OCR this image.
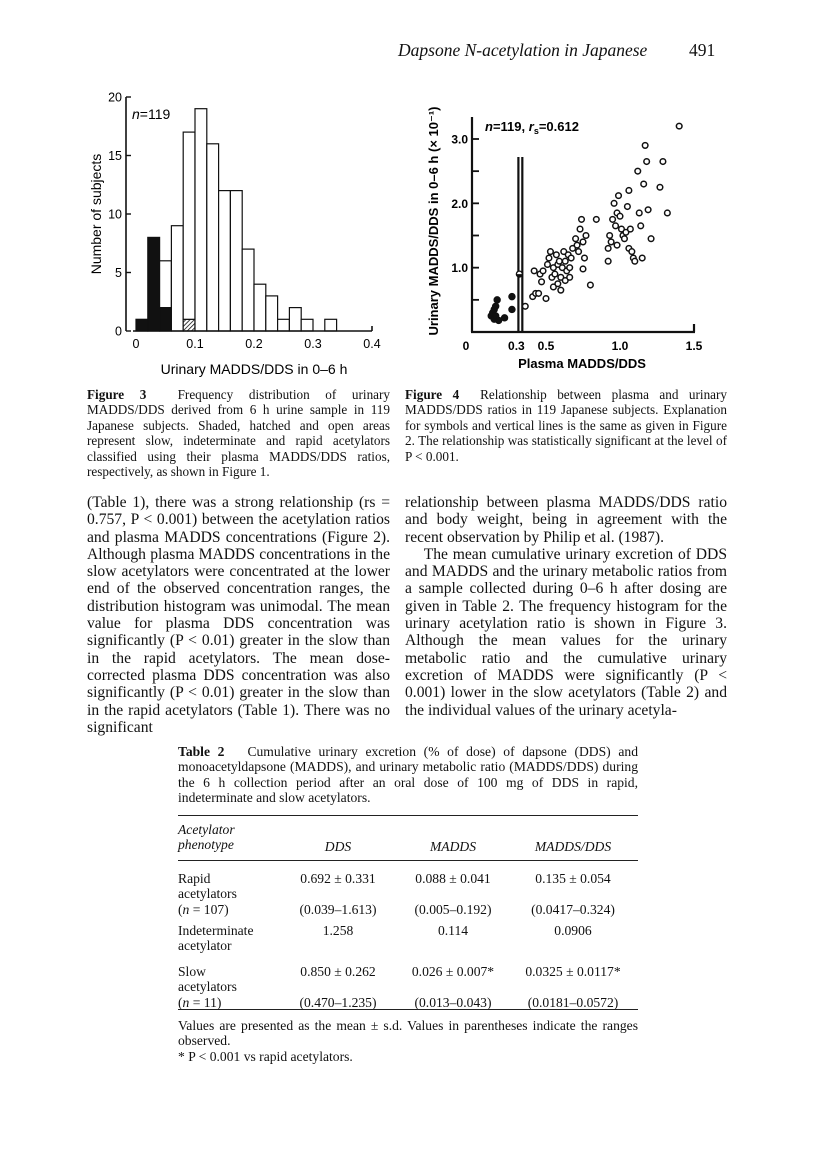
Dapsone N-acetylation in Japanese 491
0
5
10
15
20
0	0.1	0.2	0.3	0.4
Urinary MADDS/DDS in 0–6 h
Number of subjects
n=119
1.0
2.0
3.0
0	0.3 0.5	1.0	1.5
Plasma MADDS/DDS
Urinary MADDS/DDS in 0–6 h (× 10⁻¹)	n=119, $r_s=0.612$
Figure 3 Frequency distribution of urinary MADDS/DDS derived from 6 h urine sample in 119 Japanese subjects. Shaded, hatched and open areas represent slow, indeterminate and rapid acetylators classified using their plasma MADDS/DDS ratios, respectively, as shown in Figure 1.
Figure 4 Relationship between plasma and urinary MADDS/DDS ratios in 119 Japanese subjects. Explanation for symbols and vertical lines is the same as given in Figure 2. The relationship was statistically significant at the level of P < 0.001.

(Table 1), there was a strong relationship (rs = 0.757, P < 0.001) between the acetylation ratios and plasma MADDS concentrations (Figure 2). Although plasma MADDS concentrations in the slow acetylators were concentrated at the lower end of the observed concentration ranges, the distribution histogram was unimodal. The mean value for plasma DDS concentration was significantly (P < 0.01) greater in the slow than in the rapid acetylators. The mean dose-corrected plasma DDS concentration was also significantly (P < 0.01) greater in the slow than in the rapid acetylators (Table 1). There was no significant

relationship between plasma MADDS/DDS ratio and body weight, being in agreement with the recent observation by Philip et al. (1987).

The mean cumulative urinary excretion of DDS and MADDS and the urinary metabolic ratios from a sample collected during 0–6 h after dosing are given in Table 2. The frequency histogram for the urinary acetylation ratio is shown in Figure 3. Although the mean values for the urinary metabolic ratio and the cumulative urinary excretion of MADDS were significantly (P < 0.001) lower in the slow acetylators (Table 2) and the individual values of the urinary acetyla-

Table 2 Cumulative urinary excretion (% of dose) of dapsone (DDS) and monoacetyldapsone (MADDS), and urinary metabolic ratio (MADDS/DDS) during the 6 h collection period after an oral dose of 100 mg of DDS in rapid, indeterminate and slow acetylators.
Acetylator
phenotype	DDS	MADDS	MADDS/DDS
Rapid
acetylators
(n = 107)
0.692 ± 0.331	0.088 ± 0.041	0.135 ± 0.054
(0.039–1.613)	(0.005–0.192)	(0.0417–0.324)
Indeterminate
acetylator
1.258	0.114	0.0906
Slow
acetylators
(n = 11)
0.850 ± 0.262	0.026 ± 0.007*	0.0325 ± 0.0117*
(0.470–1.235)	(0.013–0.043)	(0.0181–0.0572)
Values are presented as the mean ± s.d. Values in parentheses indicate the ranges observed.
* P < 0.001 vs rapid acetylators.
